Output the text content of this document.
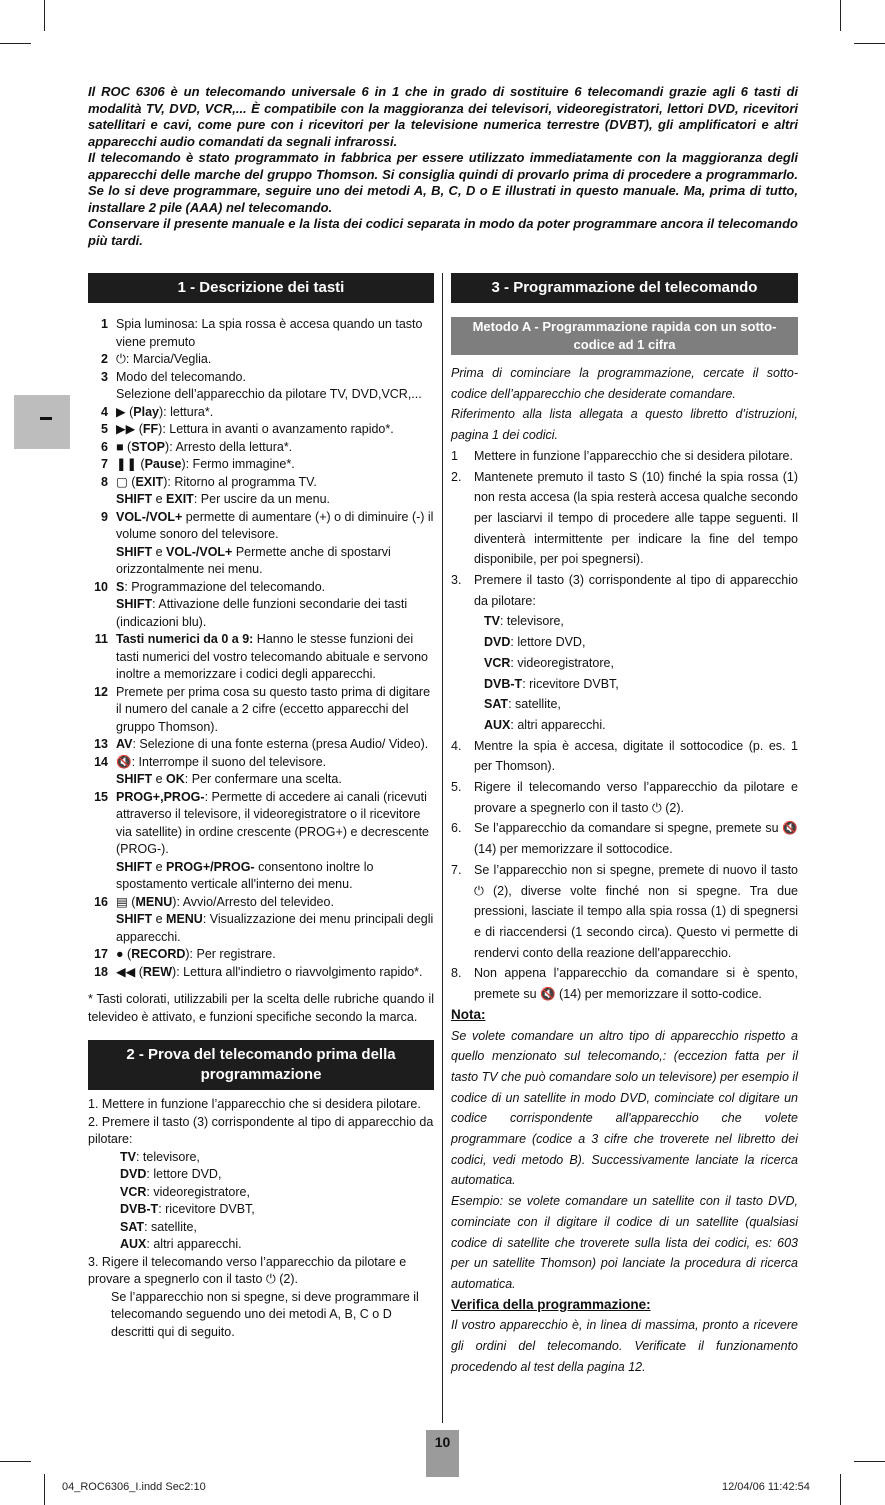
Il ROC 6306 è un telecomando universale 6 in 1 che in grado di sostituire 6 telecomandi grazie agli 6 tasti di modalità TV, DVD, VCR,... È compatibile con la maggioranza dei televisori, videoregistratori, lettori DVD, ricevitori satellitari e cavi, come pure con i ricevitori per la televisione numerica terrestre (DVBT), gli amplificatori e altri apparecchi audio comandati da segnali infrarossi.

Il telecomando è stato programmato in fabbrica per essere utilizzato immediatamente con la maggioranza degli apparecchi delle marche del gruppo Thomson. Si consiglia quindi di provarlo prima di procedere a programmarlo. Se lo si deve programmare, seguire uno dei metodi A, B, C, D o E illustrati in questo manuale. Ma, prima di tutto, installare 2 pile (AAA) nel telecomando.

Conservare il presente manuale e la lista dei codici separata in modo da poter programmare ancora il telecomando più tardi.

1 - Descrizione dei tasti
1 Spia luminosa: La spia rossa è accesa quando un tasto viene premuto
2 ⏻: Marcia/Veglia.
3 Modo del telecomando.
Selezione dell’apparecchio da pilotare TV, DVD,VCR,...
4 ▶ (Play): lettura*.
5 ▶▶ (FF): Lettura in avanti o avanzamento rapido*.
6 ■ (STOP): Arresto della lettura*.
7 ❚❚ (Pause): Fermo immagine*.
8 ▢ (EXIT): Ritorno al programma TV.
SHIFT e EXIT: Per uscire da un menu.
9 VOL-/VOL+ permette di aumentare (+) o di diminuire (-) il volume sonoro del televisore.
SHIFT e VOL-/VOL+ Permette anche di spostarvi orizzontalmente nei menu.
10 S: Programmazione del telecomando.
SHIFT: Attivazione delle funzioni secondarie dei tasti (indicazioni blu).
11 Tasti numerici da 0 a 9: Hanno le stesse funzioni dei tasti numerici del vostro telecomando abituale e servono inoltre a memorizzare i codici degli apparecchi.
12 Premete per prima cosa su questo tasto prima di digitare il numero del canale a 2 cifre (eccetto apparecchi del gruppo Thomson).
13 AV: Selezione di una fonte esterna (presa Audio/ Video).
14 🔇: Interrompe il suono del televisore.
SHIFT e OK: Per confermare una scelta.
15 PROG+,PROG-: Permette di accedere ai canali (ricevuti attraverso il televisore, il videoregistratore o il ricevitore via satellite) in ordine crescente (PROG+) e decrescente (PROG-).
SHIFT e PROG+/PROG- consentono inoltre lo spostamento verticale all'interno dei menu.
16 ▤ (MENU): Avvio/Arresto del televideo.
SHIFT e MENU: Visualizzazione dei menu principali degli apparecchi.
17 ● (RECORD): Per registrare.
18 ◀◀ (REW): Lettura all'indietro o riavvolgimento rapido*.
* Tasti colorati, utilizzabili per la scelta delle rubriche quando il televideo è attivato, e funzioni specifiche secondo la marca.
2 - Prova del telecomando prima della programmazione
1. Mettere in funzione l’apparecchio che si desidera pilotare.
2. Premere il tasto (3) corrispondente al tipo di apparecchio da pilotare:
TV: televisore,
DVD: lettore DVD,
VCR: videoregistratore,
DVB-T: ricevitore DVBT,
SAT: satellite,
AUX: altri apparecchi.
3. Rigere il telecomando verso l’apparecchio da pilotare e provare a spegnerlo con il tasto ⏻ (2).
Se l’apparecchio non si spegne, si deve programmare il telecomando seguendo uno dei metodi A, B, C o D descritti qui di seguito.
3 - Programmazione del telecomando
Metodo A - Programmazione rapida con un sotto-codice ad 1 cifra
Prima di cominciare la programmazione, cercate il sotto-codice dell’apparecchio che desiderate comandare.
Riferimento alla lista allegata a questo libretto d’istruzioni, pagina 1 dei codici.
1 Mettere in funzione l’apparecchio che si desidera pilotare.
2. Mantenete premuto il tasto S (10) finché la spia rossa (1) non resta accesa (la spia resterà accesa qualche secondo per lasciarvi il tempo di procedere alle tappe seguenti. Il diventerà intermittente per indicare la fine del tempo disponibile, per poi spegnersi).
3. Premere il tasto (3) corrispondente al tipo di apparecchio da pilotare:
TV: televisore,
DVD: lettore DVD,
VCR: videoregistratore,
DVB-T: ricevitore DVBT,
SAT: satellite,
AUX: altri apparecchi.
4. Mentre la spia è accesa, digitate il sottocodice (p. es. 1 per Thomson).
5. Rigere il telecomando verso l’apparecchio da pilotare e provare a spegnerlo con il tasto ⏻ (2).
6. Se l’apparecchio da comandare si spegne, premete su 🔇 (14) per memorizzare il sottocodice.
7. Se l’apparecchio non si spegne, premete di nuovo il tasto ⏻ (2), diverse volte finché non si spegne. Tra due pressioni, lasciate il tempo alla spia rossa (1) di spegnersi e di riaccendersi (1 secondo circa). Questo vi permette di rendervi conto della reazione dell'apparecchio.
8. Non appena l’apparecchio da comandare si è spento, premete su 🔇 (14) per memorizzare il sotto-codice.
Nota:
Se volete comandare un altro tipo di apparecchio rispetto a quello menzionato sul telecomando,: (eccezion fatta per il tasto TV che può comandare solo un televisore) per esempio il codice di un satellite in modo DVD, cominciate col digitare un codice corrispondente all'apparecchio che volete programmare (codice a 3 cifre che troverete nel libretto dei codici, vedi metodo B). Successivamente lanciate la ricerca automatica.
Esempio: se volete comandare un satellite con il tasto DVD, cominciate con il digitare il codice di un satellite (qualsiasi codice di satellite che troverete sulla lista dei codici, es: 603 per un satellite Thomson) poi lanciate la procedura di ricerca automatica.
Verifica della programmazione:
Il vostro apparecchio è, in linea di massima, pronto a ricevere gli ordini del telecomando. Verificate il funzionamento procedendo al test della pagina 12.
10
04_ROC6306_I.indd Sec2:10	12/04/06 11:42:54
